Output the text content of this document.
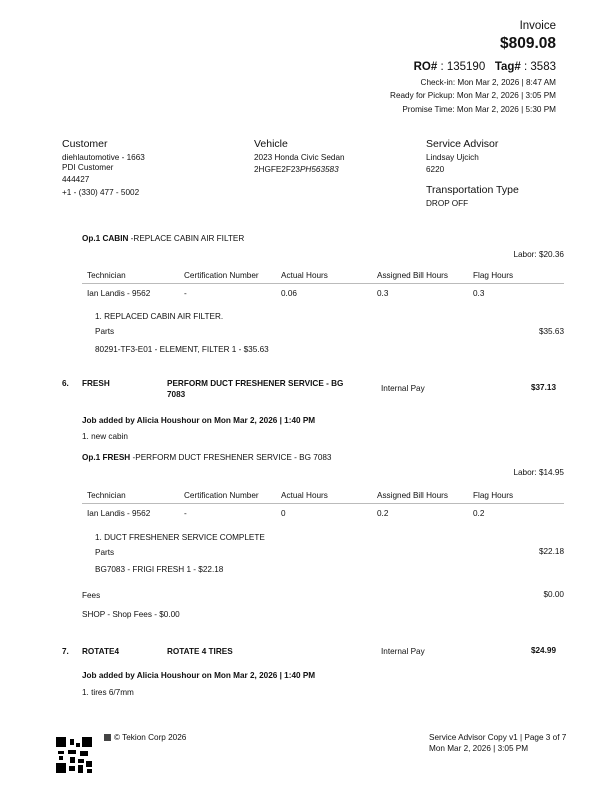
Invoice
$809.08
RO# : 135190 Tag# : 3583
Check-in: Mon Mar 2, 2026 | 8:47 AM
Ready for Pickup: Mon Mar 2, 2026 | 3:05 PM
Promise Time: Mon Mar 2, 2026 | 5:30 PM
Customer
diehlautomotive - 1663
PDI Customer
444427
+1 - (330) 477 - 5002
Vehicle
2023 Honda Civic Sedan
2HGFE2F23PH563583
Service Advisor
Lindsay Ujcich
6220
Transportation Type
DROP OFF
Op.1 CABIN -REPLACE CABIN AIR FILTER
Labor: $20.36
Technician	Certification Number	Actual Hours	Assigned Bill Hours	Flag Hours
Ian Landis - 9562	-	0.06	0.3	0.3
1. REPLACED CABIN AIR FILTER.
Parts	$35.63
80291-TF3-E01 - ELEMENT, FILTER 1 - $35.63
6. FRESH	PERFORM DUCT FRESHENER SERVICE - BG
7083
Internal Pay	$37.13
Job added by Alicia Houshour on Mon Mar 2, 2026 | 1:40 PM
1. new cabin
Op.1 FRESH -PERFORM DUCT FRESHENER SERVICE - BG 7083
Labor: $14.95
Technician	Certification Number	Actual Hours	Assigned Bill Hours	Flag Hours
Ian Landis - 9562	-	0	0.2	0.2
1. DUCT FRESHENER SERVICE COMPLETE
Parts	$22.18
BG7083 - FRIGI FRESH 1 - $22.18
Fees	$0.00
SHOP - Shop Fees - $0.00
7. ROTATE4	ROTATE 4 TIRES	Internal Pay	$24.99
Job added by Alicia Houshour on Mon Mar 2, 2026 | 1:40 PM
1. tires 6/7mm
© Tekion Corp 2026	Service Advisor Copy v1 | Page 3 of 7
Mon Mar 2, 2026 | 3:05 PM
